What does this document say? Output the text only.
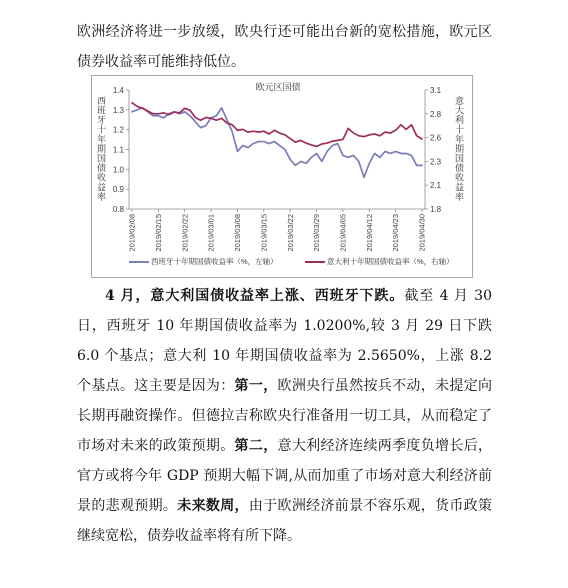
欧洲经济将进一步放缓，欧央行还可能出台新的宽松措施，欧元区债券收益率可能维持低位。

欧元区国债
1.4
1.3
1.2
1.1
1.0
0.9
0.8
3.1
2.8
2.6
2.3
2.1
1.8
2019/02/08 2019/02/15 2019/02/22 2019/03/01 2019/03/08 2019/03/15 2019/03/22 2019/03/29 2019/04/05 2019/04/12 2019/04/23 2019/04/30
西班牙十年期国债收益率	意大利十年期国债收益率
西班牙十年期国债收益率（%，左轴）	意大利十年期国债收益率（%，右轴）

4 月，意大利国债收益率上涨、西班牙下跌。截至 4 月 30 日，西班牙 10 年期国债收益率为 1.0200%,较 3 月 29 日下跌 6.0 个基点；意大利 10 年期国债收益率为 2.5650%，上涨 8.2 个基点。这主要是因为：第一，欧洲央行虽然按兵不动，未提定向长期再融资操作。但德拉吉称欧央行准备用一切工具，从而稳定了市场对未来的政策预期。第二，意大利经济连续两季度负增长后，官方或将今年 GDP 预期大幅下调,从而加重了市场对意大利经济前景的悲观预期。未来数周，由于欧洲经济前景不容乐观，货币政策继续宽松，债券收益率将有所下降。
